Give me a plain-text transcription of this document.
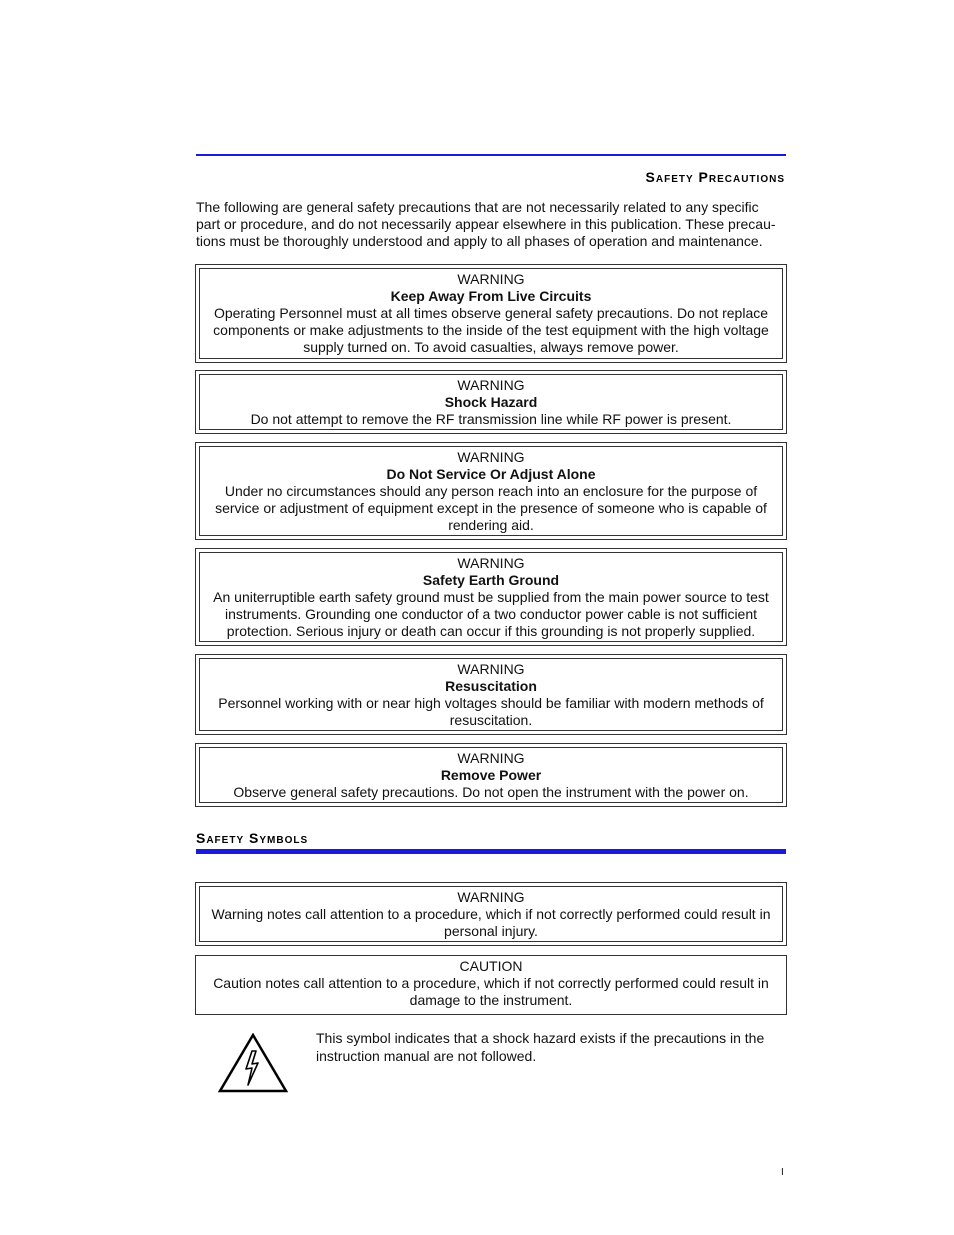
Safety Precautions
The following are general safety precautions that are not necessarily related to any specific part or procedure, and do not necessarily appear elsewhere in this publication. These precau-tions must be thoroughly understood and apply to all phases of operation and maintenance.
WARNING
Keep Away From Live Circuits
Operating Personnel must at all times observe general safety precautions. Do not replace components or make adjustments to the inside of the test equipment with the high voltage supply turned on. To avoid casualties, always remove power.
WARNING
Shock Hazard
Do not attempt to remove the RF transmission line while RF power is present.
WARNING
Do Not Service Or Adjust Alone
Under no circumstances should any person reach into an enclosure for the purpose of service or adjustment of equipment except in the presence of someone who is capable of rendering aid.
WARNING
Safety Earth Ground
An uniterruptible earth safety ground must be supplied from the main power source to test instruments. Grounding one conductor of a two conductor power cable is not sufficient protection. Serious injury or death can occur if this grounding is not properly supplied.
WARNING
Resuscitation
Personnel working with or near high voltages should be familiar with modern methods of resuscitation.
WARNING
Remove Power
Observe general safety precautions. Do not open the instrument with the power on.
Safety Symbols
WARNING
Warning notes call attention to a procedure, which if not correctly performed could result in personal injury.
CAUTION
Caution notes call attention to a procedure, which if not correctly performed could result in damage to the instrument.
This symbol indicates that a shock hazard exists if the precautions in the instruction manual are not followed.
I
